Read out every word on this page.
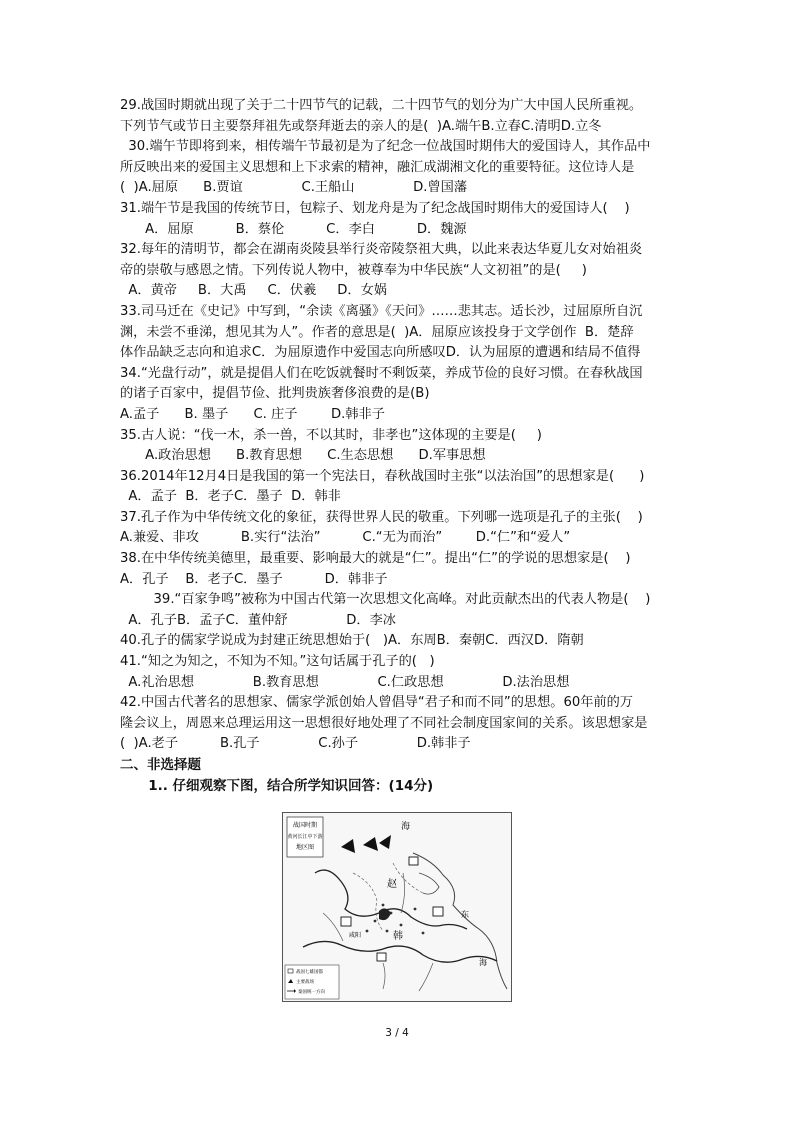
29.战国时期就出现了关于二十四节气的记载，二十四节气的划分为广大中国人民所重视。
下列节气或节日主要祭拜祖先或祭拜逝去的亲人的是(  )A.端午B.立春C.清明D.立冬
30.端午节即将到来，相传端午节最初是为了纪念一位战国时期伟大的爱国诗人，其作品中
所反映出来的爱国主义思想和上下求索的精神，融汇成湖湘文化的重要特征。这位诗人是
(  )A.屈原      B.贾谊              C.王船山              D.曾国藩
31.端午节是我国的传统节日，包粽子、划龙舟是为了纪念战国时期伟大的爱国诗人(    )
A．屈原          B．蔡伦          C．李白          D．魏源
32.每年的清明节，都会在湖南炎陵县举行炎帝陵祭祖大典，以此来表达华夏儿女对始祖炎
帝的崇敬与感恩之情。下列传说人物中，被尊奉为中华民族“人文初祖”的是(     )
A．黄帝     B．大禹     C．伏羲     D．女娲
33.司马迁在《史记》中写到，“余读《离骚》《天问》……悲其志。适长沙，过屈原所自沉
渊，未尝不垂涕，想见其为人”。作者的意思是(  )A．屈原应该投身于文学创作  B．楚辞
体作品缺乏志向和追求C．为屈原遗作中爱国志向所感叹D．认为屈原的遭遇和结局不值得
34.“光盘行动”，就是提倡人们在吃饭就餐时不剩饭菜，养成节俭的良好习惯。在春秋战国
的诸子百家中，提倡节俭、批判贵族奢侈浪费的是(B)
A.孟子      B. 墨子      C. 庄子        D.韩非子
35.古人说：“伐一木，杀一兽，不以其时，非孝也”这体现的主要是(     )
A.政治思想      B.教育思想      C.生态思想      D.军事思想
36.2014年12月4日是我国的第一个宪法日，春秋战国时主张“以法治国”的思想家是(      )
A．孟子  B．老子C．墨子  D．韩非
37.孔子作为中华传统文化的象征，获得世界人民的敬重。下列哪一选项是孔子的主张(    )
A.兼爱、非攻          B.实行“法治”          C.“无为而治”        D.“仁”和“爱人”
38.在中华传统美德里，最重要、影响最大的就是“仁”。提出“仁”的学说的思想家是(    )
A．孔子    B．老子C．墨子          D．韩非子
39.“百家争鸣”被称为中国古代第一次思想文化高峰。对此贡献杰出的代表人物是(    )
A．孔子B．孟子C．董仲舒              D．李冰
40.孔子的儒家学说成为封建正统思想始于(   )A．东周B．秦朝C．西汉D．隋朝
41.“知之为知之，不知为不知。”这句话属于孔子的(   )
A.礼治思想              B.教育思想              C.仁政思想              D.法治思想
42.中国古代著名的思想家、儒家学派创始人曾倡导“君子和而不同”的思想。60年前的万
隆会议上，周恩来总理运用这一思想很好地处理了不同社会制度国家间的关系。该思想家是
(  )A.老子          B.孔子              C.孙子              D.韩非子
二、非选择题
1.. 仔细观察下图，结合所学知识回答：(14分)
战国时期
黄河长江中下游
地区图
海
赵
韩
咸阳
东
海
战国七雄国都
主要战场
秦国统一方向
3 / 4
